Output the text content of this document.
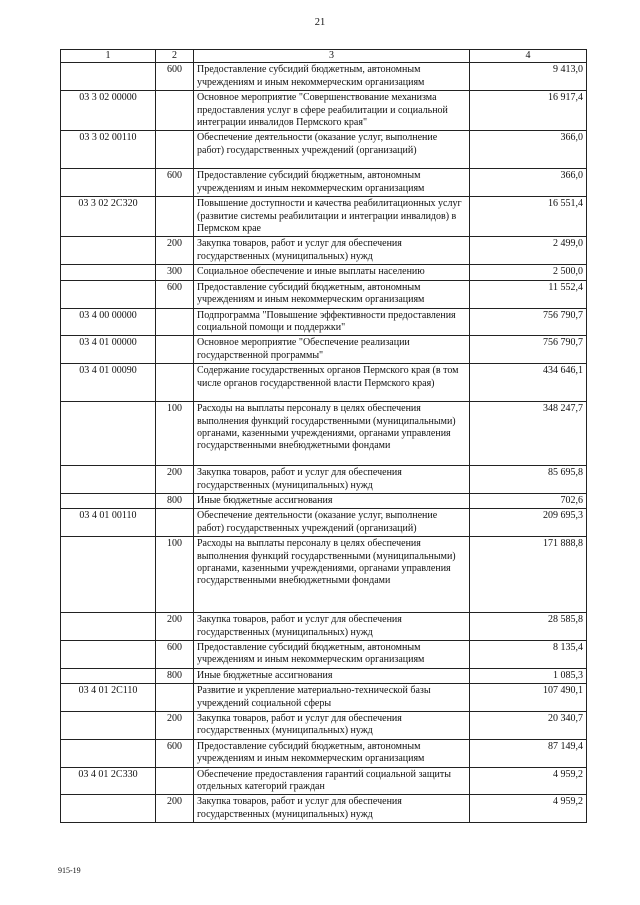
21
1	2	3	4
	600	Предоставление субсидий бюджетным, автономным учреждениям и иным некоммерческим организациям	9 413,0
03 3 02 00000		Основное мероприятие "Совершенствование механизма предоставления услуг в сфере реабилитации и социальной интеграции инвалидов Пермского края"	16 917,4
03 3 02 00110		Обеспечение деятельности (оказание услуг, выполнение работ) государственных учреждений (организаций)	366,0
	600	Предоставление субсидий бюджетным, автономным учреждениям и иным некоммерческим организациям	366,0
03 3 02 2С320		Повышение доступности и качества реабилитационных услуг (развитие системы реабилитации и интеграции инвалидов) в Пермском крае	16 551,4
	200	Закупка товаров, работ и услуг для обеспечения государственных (муниципальных) нужд	2 499,0
	300	Социальное обеспечение и иные выплаты населению	2 500,0
	600	Предоставление субсидий бюджетным, автономным учреждениям и иным некоммерческим организациям	11 552,4
03 4 00 00000		Подпрограмма "Повышение эффективности предоставления социальной помощи и поддержки"	756 790,7
03 4 01 00000		Основное мероприятие "Обеспечение реализации государственной программы"	756 790,7
03 4 01 00090		Содержание государственных органов Пермского края (в том числе органов государственной власти Пермского края)	434 646,1
	100	Расходы на выплаты персоналу в целях обеспечения выполнения функций государственными (муниципальными) органами, казенными учреждениями, органами управления государственными внебюджетными фондами	348 247,7
	200	Закупка товаров, работ и услуг для обеспечения государственных (муниципальных) нужд	85 695,8
	800	Иные бюджетные ассигнования	702,6
03 4 01 00110		Обеспечение деятельности (оказание услуг, выполнение работ) государственных учреждений (организаций)	209 695,3
	100	Расходы на выплаты персоналу в целях обеспечения выполнения функций государственными (муниципальными) органами, казенными учреждениями, органами управления государственными внебюджетными фондами	171 888,8
	200	Закупка товаров, работ и услуг для обеспечения государственных (муниципальных) нужд	28 585,8
	600	Предоставление субсидий бюджетным, автономным учреждениям и иным некоммерческим организациям	8 135,4
	800	Иные бюджетные ассигнования	1 085,3
03 4 01 2С110		Развитие и укрепление материально-технической базы учреждений социальной сферы	107 490,1
	200	Закупка товаров, работ и услуг для обеспечения государственных (муниципальных) нужд	20 340,7
	600	Предоставление субсидий бюджетным, автономным учреждениям и иным некоммерческим организациям	87 149,4
03 4 01 2С330		Обеспечение предоставления гарантий социальной защиты отдельных категорий граждан	4 959,2
	200	Закупка товаров, работ и услуг для обеспечения государственных (муниципальных) нужд	4 959,2
915-19
